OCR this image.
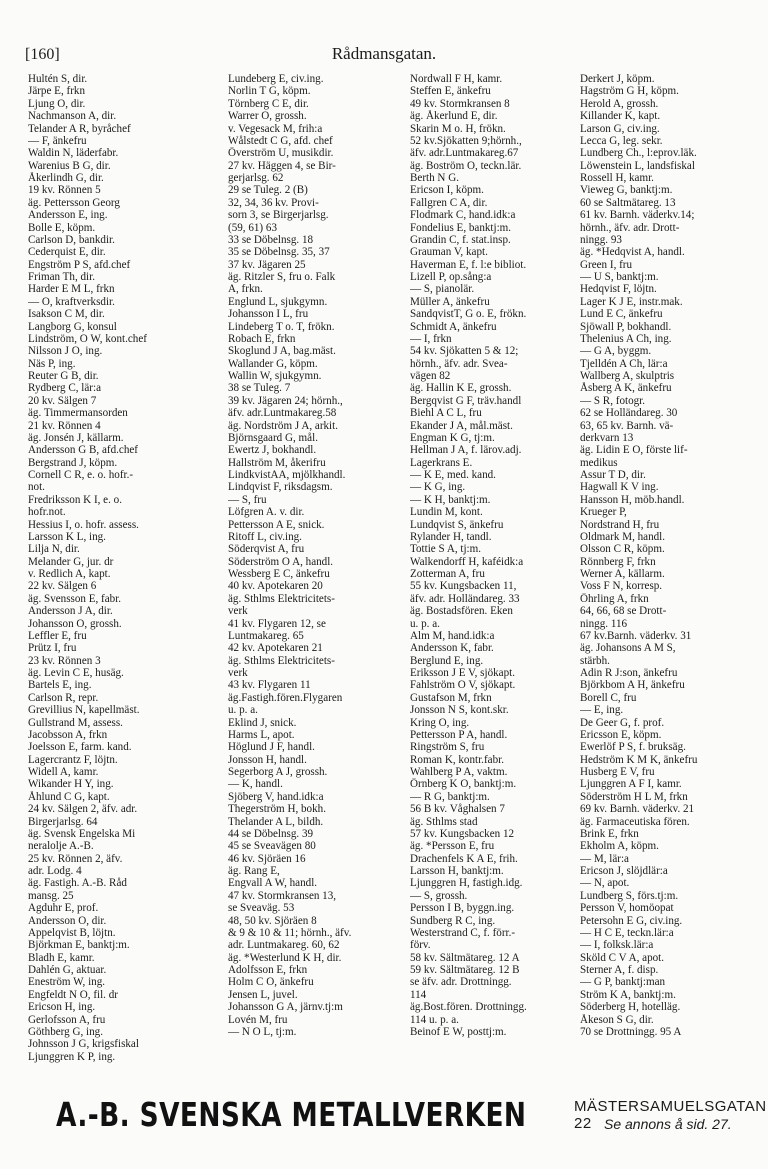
[160]	Rådmansgatan.
Hultén S, dir.
Järpe E, frkn
Ljung O, dir.
Nachmanson A, dir.
Telander A R, byråchef
— F, änkefru
Waldin N, läderfabr.
Warenius B G, dir.
Åkerlindh G, dir.
19 kv. Rönnen 5
äg. Pettersson Georg
Andersson E, ing.
Bolle E, köpm.
Carlson D, bankdir.
Cederquist E, dir.
Engström P S, afd.chef
Friman Th, dir.
Harder E M L, frkn
— O, kraftverksdir.
Isakson C M, dir.
Langborg G, konsul
Lindström, O W, kont.chef
Nilsson J O, ing.
Näs P, ing.
Reuter G B, dir.
Rydberg C, lär:a
20 kv. Sälgen 7
äg. Timmermansorden
21 kv. Rönnen 4
äg. Jonsén J, källarm.
Andersson G B, afd.chef
Bergstrand J, köpm.
Cornell C R, e. o. hofr.-
not.
Fredriksson K I, e. o.
hofr.not.
Hessius I, o. hofr. assess.
Larsson K L, ing.
Lilja N, dir.
Melander G, jur. dr
v. Redlich A, kapt.
22 kv. Sälgen 6
äg. Svensson E, fabr.
Andersson J A, dir.
Johansson O, grossh.
Leffler E, fru
Prütz I, fru
23 kv. Rönnen 3
äg. Levin C E, husäg.
Bartels E, ing.
Carlson R, repr.
Grevillius N, kapellmäst.
Gullstrand M, assess.
Jacobsson A, frkn
Joelsson E, farm. kand.
Lagercrantz F, löjtn.
Widell A, kamr.
Wikander H Y, ing.
Åhlund C G, kapt.
24 kv. Sälgen 2, äfv. adr.
Birgerjarlsg. 64
äg. Svensk Engelska Mi
neralolje A.-B.
25 kv. Rönnen 2, äfv.
adr. Lodg. 4
äg. Fastigh. A.-B. Råd
mansg. 25
Agduhr E, prof.
Andersson O, dir.
Appelqvist B, löjtn.
Björkman E, banktj:m.
Bladh E, kamr.
Dahlén G, aktuar.
Eneström W, ing.
Engfeldt N O, fil. dr
Ericson H, ing.
Gerlofsson A, fru
Göthberg G, ing.
Johnsson J G, krigsfiskal
Ljunggren K P, ing.
Lundeberg E, civ.ing.
Norlin T G, köpm.
Törnberg C E, dir.
Warrer O, grossh.
v. Vegesack M, frih:a
Wålstedt C G, afd. chef
Överström U, musikdir.
27 kv. Häggen 4, se Bir-
gerjarlsg. 62
29 se Tuleg. 2 (B)
32, 34, 36 kv. Provi-
sorn 3, se Birgerjarlsg.
(59, 61) 63
33 se Döbelnsg. 18
35 se Döbelnsg. 35, 37
37 kv. Jägaren 25
äg. Ritzler S, fru o. Falk
A, frkn.
Englund L, sjukgymn.
Johansson I L, fru
Lindeberg T o. T, frökn.
Robach E, frkn
Skoglund J A, bag.mäst.
Wallander G, köpm.
Wallin W, sjukgymn.
38 se Tuleg. 7
39 kv. Jägaren 24; hörnh.,
äfv. adr.Luntmakareg.58
äg. Nordström J A, arkit.
Björnsgaard G, mål.
Ewertz J, bokhandl.
Hallström M, åkerifru
LindkvistAA, mjölkhandl.
Lindqvist F, riksdagsm.
— S, fru
Löfgren A. v. dir.
Pettersson A E, snick.
Ritoff L, civ.ing.
Söderqvist A, fru
Söderström O A, handl.
Wessberg E C, änkefru
40 kv. Apotekaren 20
äg. Sthlms Elektricitets-
verk
41 kv. Flygaren 12, se
Luntmakareg. 65
42 kv. Apotekaren 21
äg. Sthlms Elektricitets-
verk
43 kv. Flygaren 11
äg.Fastigh.fören.Flygaren
u. p. a.
Eklind J, snick.
Harms L, apot.
Höglund J F, handl.
Jonsson H, handl.
Segerborg A J, grossh.
— K, handl.
Sjöberg V, hand.idk:a
Thegerström H, bokh.
Thelander A L, bildh.
44 se Döbelnsg. 39
45 se Sveavägen 80
46 kv. Sjöräen 16
äg. Rang E,
Engvall A W, handl.
47 kv. Stormkransen 13,
se Sveaväg. 53
48, 50 kv. Sjöräen 8
& 9 & 10 & 11; hörnh., äfv.
adr. Luntmakareg. 60, 62
äg. *Westerlund K H, dir.
Adolfsson E, frkn
Holm C O, änkefru
Jensen L, juvel.
Johansson G A, järnv.tj:m
Lovén M, fru
— N O L, tj:m.
Nordwall F H, kamr.
Steffen E, änkefru
49 kv. Stormkransen 8
äg. Åkerlund E, dir.
Skarin M o. H, frökn.
52 kv.Sjökatten 9;hörnh.,
äfv. adr.Luntmakareg.67
äg. Boström O, teckn.lär.
Berth N G.
Ericson I, köpm.
Fallgren C A, dir.
Flodmark C, hand.idk:a
Fondelius E, banktj:m.
Grandin C, f. stat.insp.
Grauman V, kapt.
Haverman E, f. l:e bibliot.
Lizell P, op.sång:a
— S, pianolär.
Müller A, änkefru
SandqvistT, G o. E, frökn.
Schmidt A, änkefru
— I, frkn
54 kv. Sjökatten 5 & 12;
hörnh., äfv. adr. Svea-
vägen 82
äg. Hallin K E, grossh.
Bergqvist G F, träv.handl
Biehl A C L, fru
Ekander J A, mål.mäst.
Engman K G, tj:m.
Hellman J A, f. lärov.adj.
Lagerkrans E.
— K E, med. kand.
— K G, ing.
— K H, banktj:m.
Lundin M, kont.
Lundqvist S, änkefru
Rylander H, tandl.
Tottie S A, tj:m.
Walkendorff H, kaféidk:a
Zotterman A, fru
55 kv. Kungsbacken 11,
äfv. adr. Holländareg. 33
äg. Bostadsfören. Eken
u. p. a.
Alm M, hand.idk:a
Andersson K, fabr.
Berglund E, ing.
Eriksson J E V, sjökapt.
Fahlström O V, sjökapt.
Gustafson M, frkn
Jonsson N S, kont.skr.
Kring O, ing.
Pettersson P A, handl.
Ringström S, fru
Roman K, kontr.fabr.
Wahlberg P A, vaktm.
Örnberg K O, banktj:m.
— R G, banktj:m.
56 B kv. Våghalsen 7
äg. Sthlms stad
57 kv. Kungsbacken 12
äg. *Persson E, fru
Drachenfels K A E, frih.
Larsson H, banktj:m.
Ljunggren H, fastigh.idg.
— S, grossh.
Persson I B, byggn.ing.
Sundberg R C, ing.
Westerstrand C, f. förr.-
förv.
58 kv. Sältmätareg. 12 A
59 kv. Sältmätareg. 12 B
se äfv. adr. Drottningg.
114
äg.Bost.fören. Drottningg.
114 u. p. a.
Beinof E W, posttj:m.
Derkert J, köpm.
Hagström G H, köpm.
Herold A, grossh.
Killander K, kapt.
Larson G, civ.ing.
Lecca G, leg. sekr.
Lundberg Ch., l:eprov.läk.
Löwenstein L, landsfiskal
Rossell H, kamr.
Vieweg G, banktj:m.
60 se Saltmätareg. 13
61 kv. Barnh. väderkv.14;
hörnh., äfv. adr. Drott-
ningg. 93
äg. *Hedqvist A, handl.
Green I, fru
— U S, banktj:m.
Hedqvist F, löjtn.
Lager K J E, instr.mak.
Lund E C, änkefru
Sjöwall P, bokhandl.
Thelenius A Ch, ing.
— G A, byggm.
Tjelldén A Ch, lär:a
Wallberg A, skulptris
Åsberg A K, änkefru
— S R, fotogr.
62 se Holländareg. 30
63, 65 kv. Barnh. vä-
derkvarn 13
äg. Lidin E O, förste lif-
medikus
Assur T D, dir.
Hagwall K V ing.
Hansson H, möb.handl.
Krueger P,
Nordstrand H, fru
Oldmark M, handl.
Olsson C R, köpm.
Rönnberg F, frkn
Werner A, källarm.
Voss F N, korresp.
Öhrling A, frkn
64, 66, 68 se Drott-
ningg. 116
67 kv.Barnh. väderkv. 31
äg. Johansons A M S,
stärbh.
Adin R J:son, änkefru
Björkbom A H, änkefru
Borell C, fru
— E, ing.
De Geer G, f. prof.
Ericsson E, köpm.
Ewerlöf P S, f. bruksäg.
Hedström K M K, änkefru
Husberg E V, fru
Ljunggren A F I, kamr.
Söderström H L M, frkn
69 kv. Barnh. väderkv. 21
äg. Farmaceutiska fören.
Brink E, frkn
Ekholm A, köpm.
— M, lär:a
Ericson J, slöjdlär:a
— N, apot.
Lundberg S, förs.tj:m.
Persson V, homöopat
Petersohn E G, civ.ing.
— H C E, teckn.lär:a
— I, folksk.lär:a
Sköld C V A, apot.
Sterner A, f. disp.
— G P, banktj:man
Ström K A, banktj:m.
Söderberg H, hotelläg.
Åkeson S G, dir.
70 se Drottningg. 95 A
A.-B. SVENSKA METALLVERKEN	MÄSTERSAMUELSGATAN 22 Se annons å sid. 27.
